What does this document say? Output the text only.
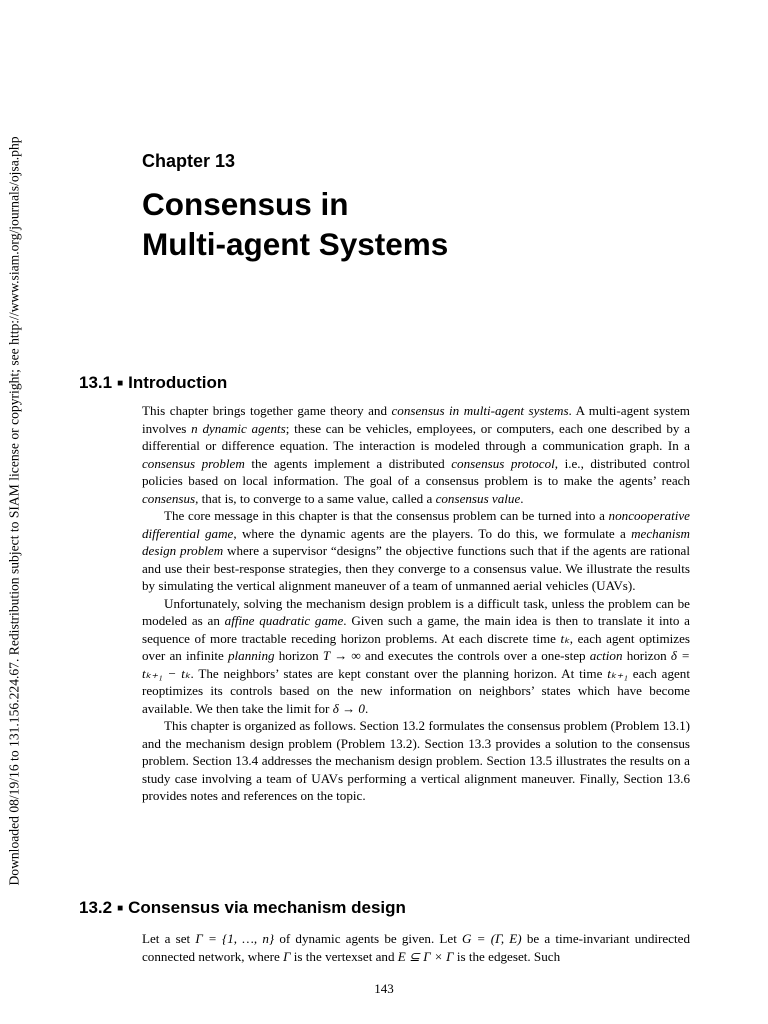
Downloaded 08/19/16 to 131.156.224.67. Redistribution subject to SIAM license or copyright; see http://www.siam.org/journals/ojsa.php	Chapter 13
Consensus in
Multi-agent Systems
13.1 ■ Introduction

This chapter brings together game theory and consensus in multi-agent systems. A multi-agent system involves n dynamic agents; these can be vehicles, employees, or computers, each one described by a differential or difference equation. The interaction is modeled through a communication graph. In a consensus problem the agents implement a distributed consensus protocol, i.e., distributed control policies based on local information. The goal of a consensus problem is to make the agents’ reach consensus, that is, to converge to a same value, called a consensus value.

The core message in this chapter is that the consensus problem can be turned into a noncooperative differential game, where the dynamic agents are the players. To do this, we formulate a mechanism design problem where a supervisor “designs” the objective functions such that if the agents are rational and use their best-response strategies, then they converge to a consensus value. We illustrate the results by simulating the vertical alignment maneuver of a team of unmanned aerial vehicles (UAVs).

Unfortunately, solving the mechanism design problem is a difficult task, unless the problem can be modeled as an affine quadratic game. Given such a game, the main idea is then to translate it into a sequence of more tractable receding horizon problems. At each discrete time tₖ, each agent optimizes over an infinite planning horizon T → ∞ and executes the controls over a one-step action horizon δ = tₖ₊₁ − tₖ. The neighbors’ states are kept constant over the planning horizon. At time tₖ₊₁ each agent reoptimizes its controls based on the new information on neighbors’ states which have become available. We then take the limit for δ → 0.

This chapter is organized as follows. Section 13.2 formulates the consensus problem (Problem 13.1) and the mechanism design problem (Problem 13.2). Section 13.3 provides a solution to the consensus problem. Section 13.4 addresses the mechanism design problem. Section 13.5 illustrates the results on a study case involving a team of UAVs performing a vertical alignment maneuver. Finally, Section 13.6 provides notes and references on the topic.

13.2 ■ Consensus via mechanism design

Let a set Γ = {1, …, n} of dynamic agents be given. Let G = (Γ, E) be a time-invariant undirected connected network, where Γ is the vertexset and E ⊆ Γ × Γ is the edgeset. Such

143
